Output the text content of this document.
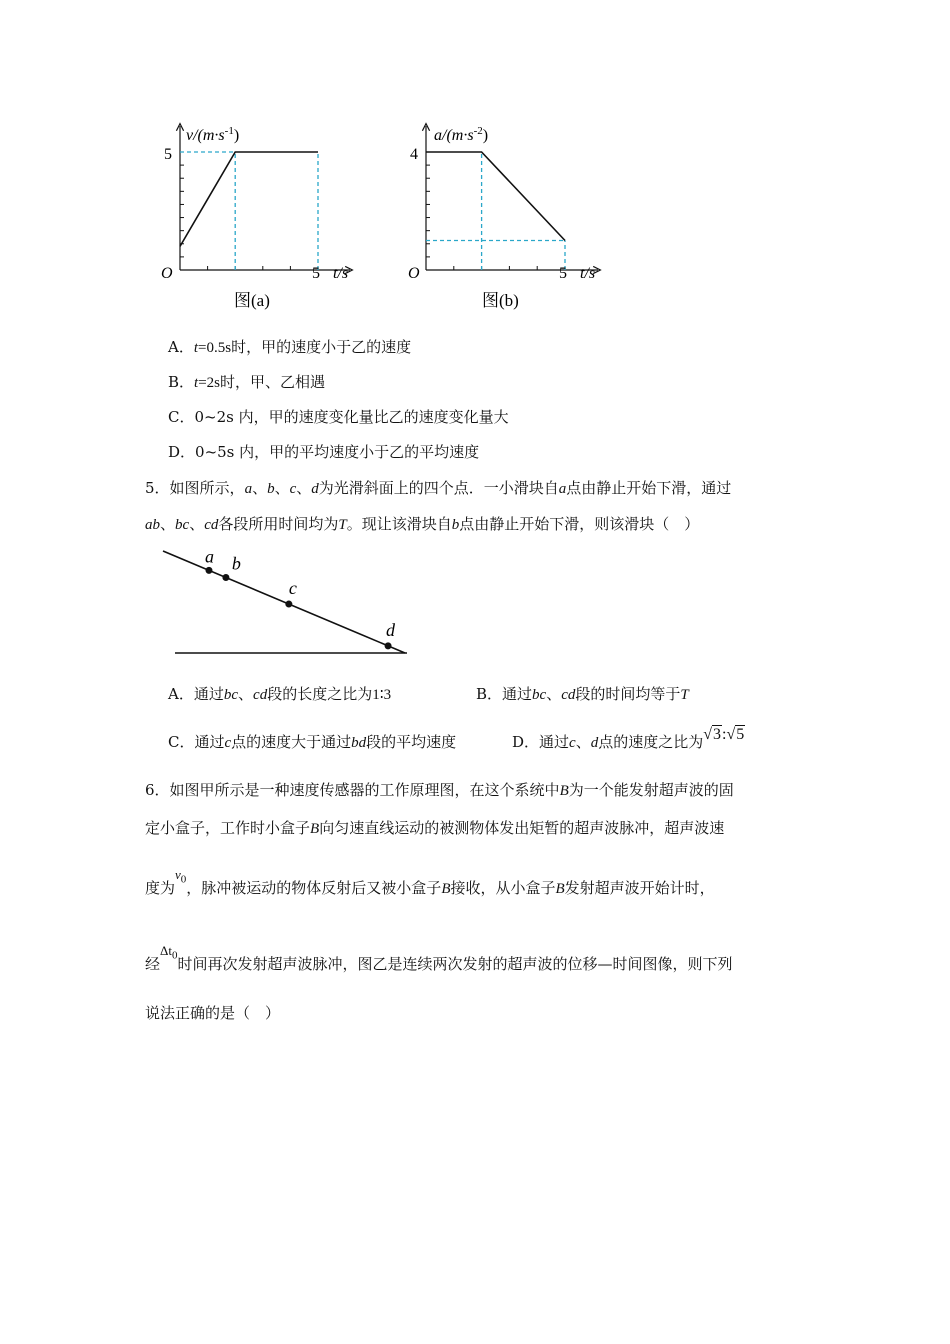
$v/(m\cdot s^{-1})$
5
O	5 t/s
图(a)
$a/(m\cdot s^{-2})$
4
O	5 t/s
图(b)
A．t=0.5s时，甲的速度小于乙的速度
B．t=2s时，甲、乙相遇
C．0~2s 内，甲的速度变化量比乙的速度变化量大
D．0~5s 内，甲的平均速度小于乙的平均速度
5．如图所示，a、b、c、d为光滑斜面上的四个点．一小滑块自a点由静止开始下滑，通过
ab、bc、cd各段所用时间均为T。现让该滑块自b点由静止开始下滑，则该滑块（　）
a b
c
d
A．通过bc、cd段的长度之比为1∶3	B．通过bc、cd段的时间均等于T
C．通过c点的速度大于通过bd段的平均速度	D．通过c、d点的速度之比为√3:√5
6．如图甲所示是一种速度传感器的工作原理图，在这个系统中B为一个能发射超声波的固
定小盒子，工作时小盒子B向匀速直线运动的被测物体发出矩暂的超声波脉冲，超声波速
度为$v_0$，脉冲被运动的物体反射后又被小盒子B接收，从小盒子B发射超声波开始计时，
经$\Delta t_0$时间再次发射超声波脉冲，图乙是连续两次发射的超声波的位移—时间图像，则下列
说法正确的是（　）
